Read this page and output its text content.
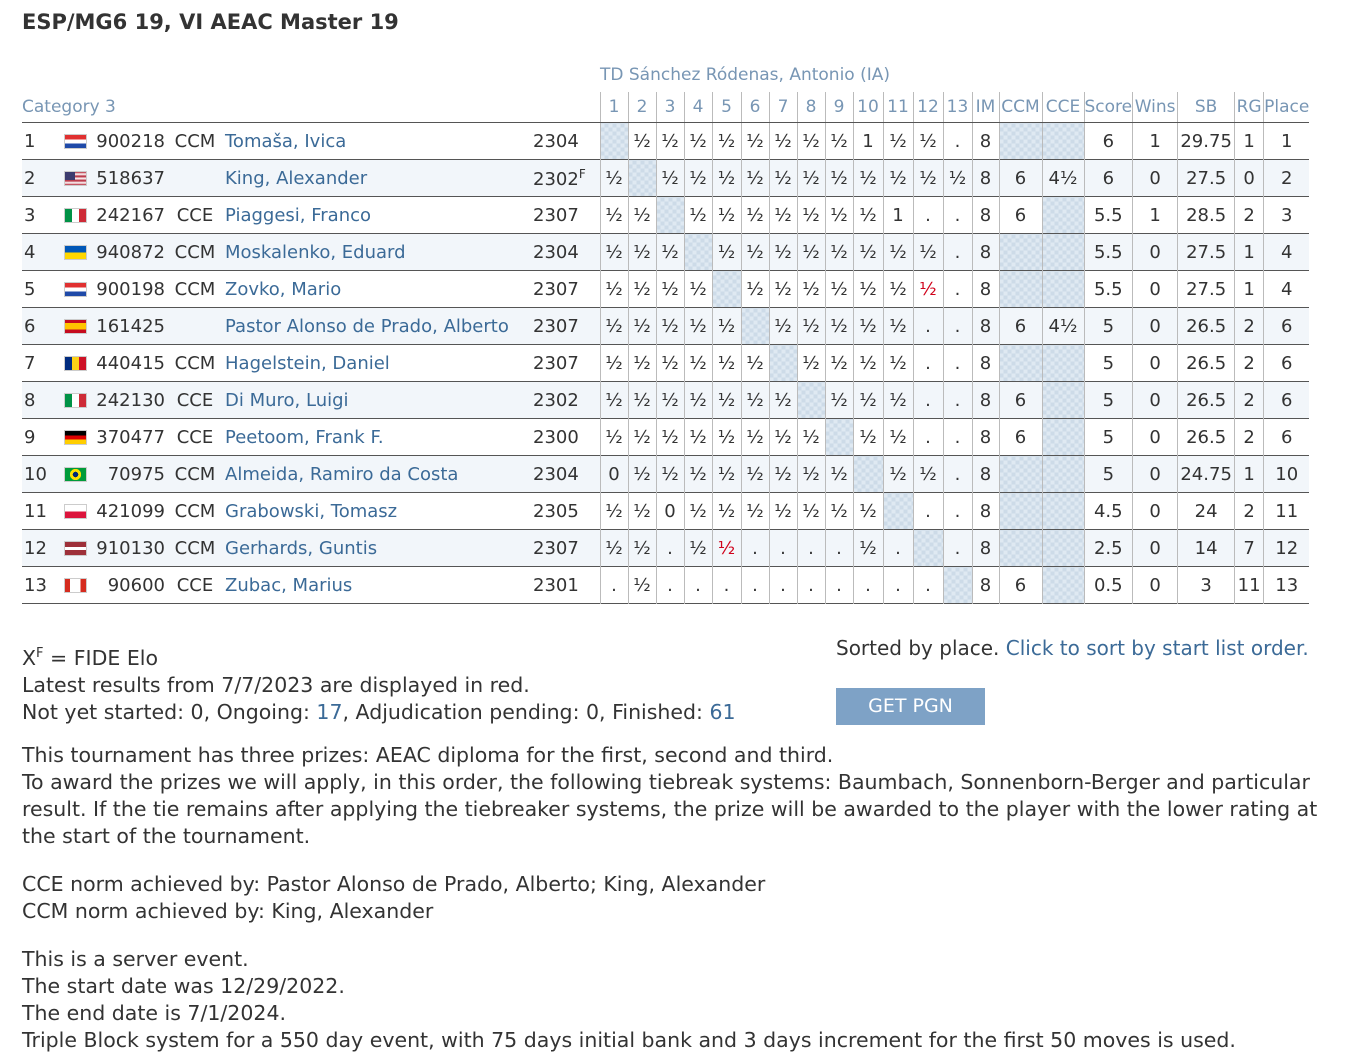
ESP/MG6 19, VI AEAC Master 19
TD Sánchez Ródenas, Antonio (IA)
Category 3						1	2	3	4	5	6	7	8	9	10	11	12	13	IM	CCM	CCE	Score	Wins	SB	RG	Place
1		900218	CCM	Tomaša, Ivica	2304		½	½	½	½	½	½	½	½	1	½	½	.	8			6	1	29.75	1	1
2		518637		King, Alexander	$2302^F$	½		½	½	½	½	½	½	½	½	½	½	½	8	6	4½	6	0	27.5	0	2
3		242167	CCE	Piaggesi, Franco	2307	½	½		½	½	½	½	½	½	½	1	.	.	8	6		5.5	1	28.5	2	3
4		940872	CCM	Moskalenko, Eduard	2304	½	½	½		½	½	½	½	½	½	½	½	.	8			5.5	0	27.5	1	4
5		900198	CCM	Zovko, Mario	2307	½	½	½	½		½	½	½	½	½	½	½	.	8			5.5	0	27.5	1	4
6		161425		Pastor Alonso de Prado, Alberto	2307	½	½	½	½	½		½	½	½	½	½	.	.	8	6	4½	5	0	26.5	2	6
7		440415	CCM	Hagelstein, Daniel	2307	½	½	½	½	½	½		½	½	½	½	.	.	8			5	0	26.5	2	6
8		242130	CCE	Di Muro, Luigi	2302	½	½	½	½	½	½	½		½	½	½	.	.	8	6		5	0	26.5	2	6
9		370477	CCE	Peetoom, Frank F.	2300	½	½	½	½	½	½	½	½		½	½	.	.	8	6		5	0	26.5	2	6
10		70975	CCM	Almeida, Ramiro da Costa	2304	0	½	½	½	½	½	½	½	½		½	½	.	8			5	0	24.75	1	10
11		421099	CCM	Grabowski, Tomasz	2305	½	½	0	½	½	½	½	½	½	½		.	.	8			4.5	0	24	2	11
12		910130	CCM	Gerhards, Guntis	2307	½	½	.	½	½	.	.	.	.	½	.		.	8			2.5	0	14	7	12
13		90600	CCE	Zubac, Marius	2301	.	½	.	.	.	.	.	.	.	.	.	.		8	6		0.5	0	3	11	13

$X^F$ = FIDE Elo

Latest results from 7/7/2023 are displayed in red.

Not yet started: 0, Ongoing: 17, Adjudication pending: 0, Finished: 61

Sorted by place. Click to sort by start list order.
GET PGN

This tournament has three prizes: AEAC diploma for the first, second and third.

To award the prizes we will apply, in this order, the following tiebreak systems: Baumbach, Sonnenborn-Berger and particular result. If the tie remains after applying the tiebreaker systems, the prize will be awarded to the player with the lower rating at the start of the tournament.

CCE norm achieved by: Pastor Alonso de Prado, Alberto; King, Alexander

CCM norm achieved by: King, Alexander

This is a server event.

The start date was 12/29/2022.

The end date is 7/1/2024.

Triple Block system for a 550 day event, with 75 days initial bank and 3 days increment for the first 50 moves is used.
